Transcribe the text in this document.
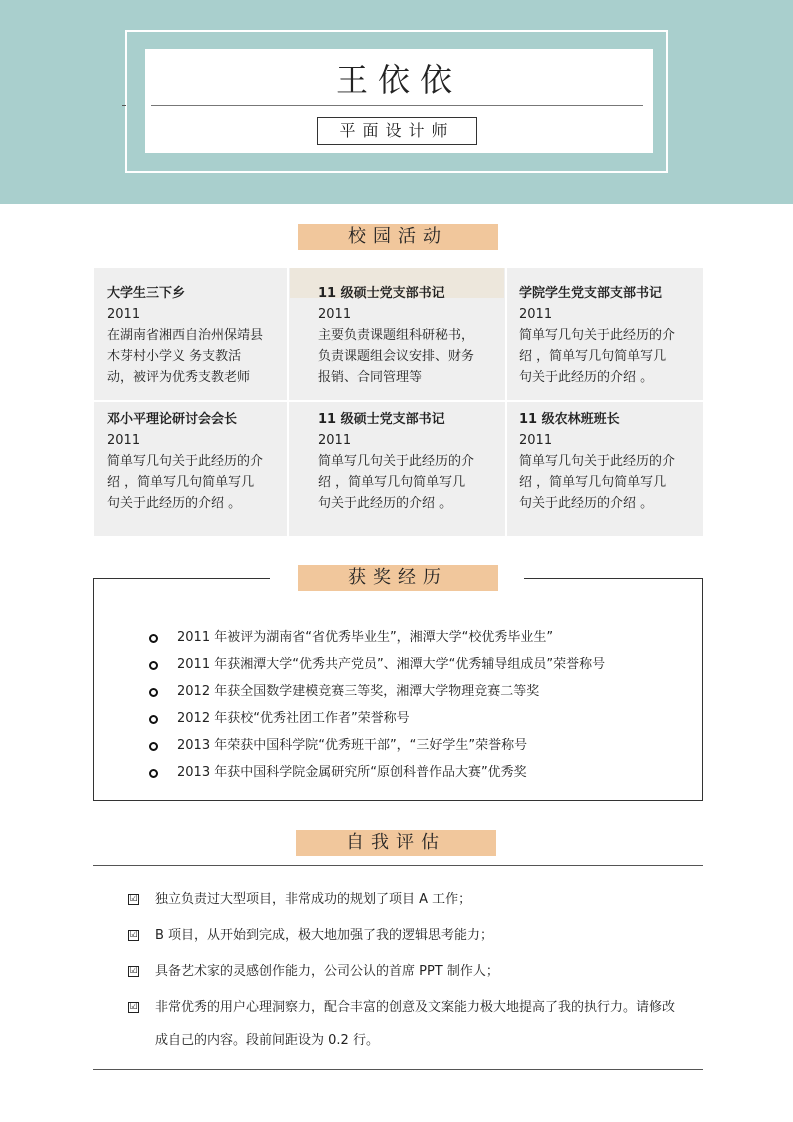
王依依
平面设计师
校园活动
大学生三下乡
2011
在湖南省湘西自治州保靖县
木芽村小学义 务支教活
动，被评为优秀支教老师
11 级硕士党支部书记
2011
主要负责课题组科研秘书，
负责课题组会议安排、财务
报销、合同管理等
学院学生党支部支部书记
2011
简单写几句关于此经历的介
绍 ，简单写几句简单写几
句关于此经历的介绍 。
邓小平理论研讨会会长
2011
简单写几句关于此经历的介
绍 ，简单写几句简单写几
句关于此经历的介绍 。
11 级硕士党支部书记
2011
简单写几句关于此经历的介
绍 ，简单写几句简单写几
句关于此经历的介绍 。
11 级农林班班长
2011
简单写几句关于此经历的介
绍 ，简单写几句简单写几
句关于此经历的介绍 。
获奖经历
2011 年被评为湖南省“省优秀毕业生”，湘潭大学“校优秀毕业生”
2011 年获湘潭大学“优秀共产党员”、湘潭大学“优秀辅导组成员”荣誉称号
2012 年获全国数学建模竞赛三等奖，湘潭大学物理竞赛二等奖
2012 年获校“优秀社团工作者”荣誉称号
2013 年荣获中国科学院“优秀班干部”，“三好学生”荣誉称号
2013 年获中国科学院金属研究所“原创科普作品大赛”优秀奖
自我评估
☑ 独立负责过大型项目，非常成功的规划了项目 A 工作；
☑ B 项目，从开始到完成，极大地加强了我的逻辑思考能力；
☑ 具备艺术家的灵感创作能力，公司公认的首席 PPT 制作人；
☑ 非常优秀的用户心理洞察力，配合丰富的创意及文案能力极大地提高了我的执行力。请修改成自己的内容。段前间距设为 0.2 行。
